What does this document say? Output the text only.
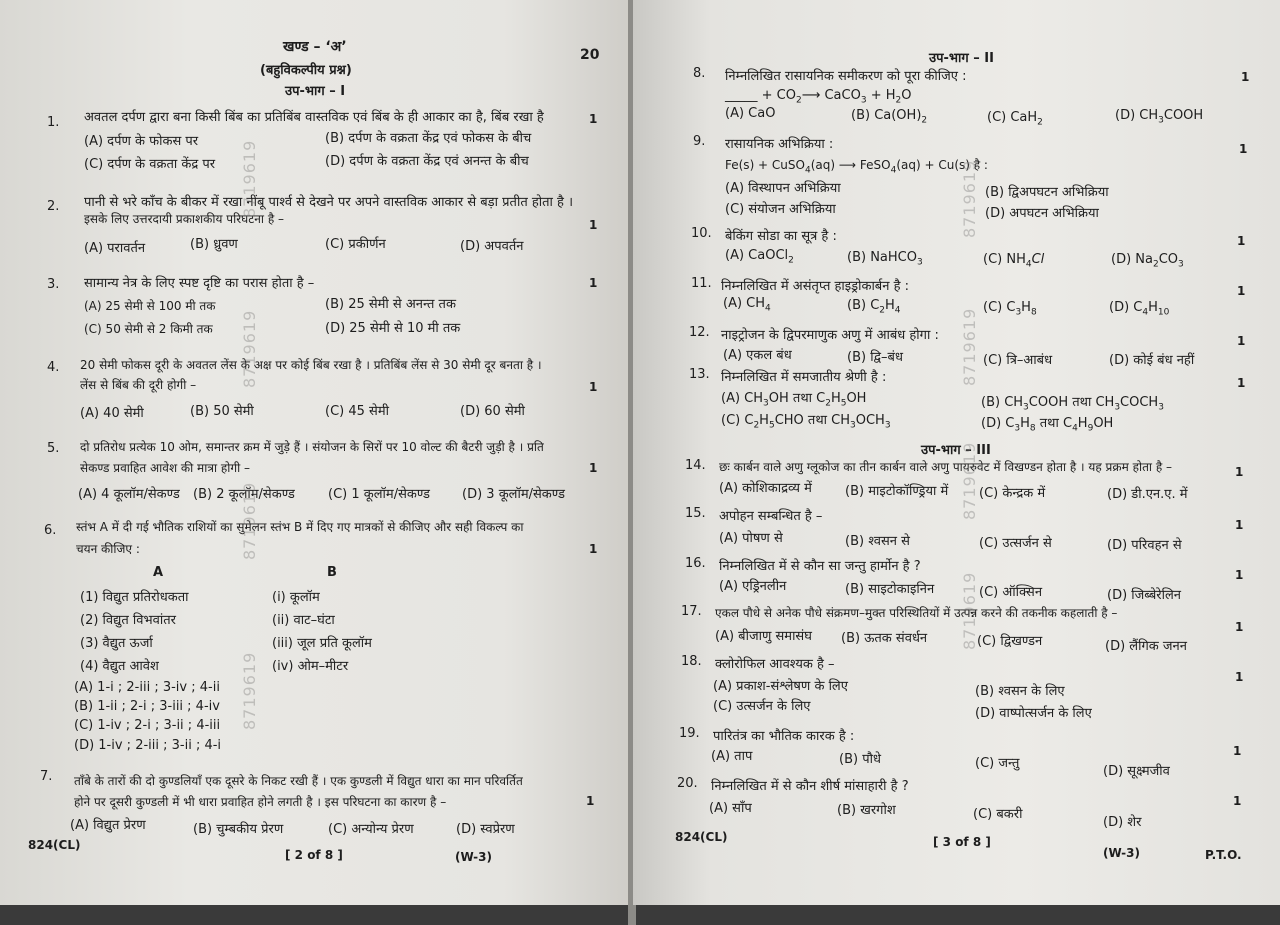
खण्ड – ‘अ’	20
(बहुविकल्पीय प्रश्न)
उप-भाग – I
1. अवतल दर्पण द्वारा बना किसी बिंब का प्रतिबिंब वास्तविक एवं बिंब के ही आकार का है, बिंब रखा है	1
(A) दर्पण के फोकस पर	(B) दर्पण के वक्रता केंद्र एवं फोकस के बीच
(C) दर्पण के वक्रता केंद्र पर	(D) दर्पण के वक्रता केंद्र एवं अनन्त के बीच
2. पानी से भरे काँच के बीकर में रखा नींबू पार्श्व से देखने पर अपने वास्तविक आकार से बड़ा प्रतीत होता है ।
इसके लिए उत्तरदायी प्रकाशकीय परिघटना है –	1
(A) परावर्तन	(B) ध्रुवण	(C) प्रकीर्णन	(D) अपवर्तन
3. सामान्य नेत्र के लिए स्पष्ट दृष्टि का परास होता है –	1
(A) 25 सेमी से 100 मी तक	(B) 25 सेमी से अनन्त तक
(C) 50 सेमी से 2 किमी तक	(D) 25 सेमी से 10 मी तक
4. 20 सेमी फोकस दूरी के अवतल लेंस के अक्ष पर कोई बिंब रखा है । प्रतिबिंब लेंस से 30 सेमी दूर बनता है ।
लेंस से बिंब की दूरी होगी –	1
(A) 40 सेमी	(B) 50 सेमी	(C) 45 सेमी	(D) 60 सेमी
5. दो प्रतिरोध प्रत्येक 10 ओम, समान्तर क्रम में जुड़े हैं । संयोजन के सिरों पर 10 वोल्ट की बैटरी जुड़ी है । प्रति
सेकण्ड प्रवाहित आवेश की मात्रा होगी –	1
(A) 4 कूलॉम/सेकण्ड (B) 2 कूलॉम/सेकण्ड	(C) 1 कूलॉम/सेकण्ड (D) 3 कूलॉम/सेकण्ड
6. स्तंभ A में दी गई भौतिक राशियों का सुमेलन स्तंभ B में दिए गए मात्रकों से कीजिए और सही विकल्प का
चयन कीजिए :	1
A	B
(1) विद्युत प्रतिरोधकता	(i) कूलॉम
(2) विद्युत विभवांतर	(ii) वाट–घंटा
(3) वैद्युत ऊर्जा	(iii) जूल प्रति कूलॉम
(4) वैद्युत आवेश	(iv) ओम–मीटर
(A) 1-i ; 2-iii ; 3-iv ; 4-ii
(B) 1-ii ; 2-i ; 3-iii ; 4-iv
(C) 1-iv ; 2-i ; 3-ii ; 4-iii
(D) 1-iv ; 2-iii ; 3-ii ; 4-i
7. ताँबे के तारों की दो कुण्डलियाँ एक दूसरे के निकट रखी हैं । एक कुण्डली में विद्युत धारा का मान परिवर्तित
होने पर दूसरी कुण्डली में भी धारा प्रवाहित होने लगती है । इस परिघटना का कारण है –	1
(A) विद्युत प्रेरण	(B) चुम्बकीय प्रेरण	(C) अन्योन्य प्रेरण	(D) स्वप्रेरण
824(CL)
[ 2 of 8 ]	(W-3)
8719619
8719619
8719619
8719619
उप-भाग – II
8. निम्नलिखित रासायनिक समीकरण को पूरा कीजिए :	1
_____ + $CO_2⟶$ CaCO$_3$ + $H_2O$
(A) CaO	(B) $Ca(OH)_2$	(C) CaH$_2$	(D) $CH_3COOH$
9. रासायनिक अभिक्रिया :	1
Fe(s) + CuSO$_4$(aq) ⟶ FeSO$_4$(aq) + Cu(s) है :
(A) विस्थापन अभिक्रिया	(B) द्विअपघटन अभिक्रिया
(C) संयोजन अभिक्रिया	(D) अपघटन अभिक्रिया
10. बेकिंग सोडा का सूत्र है :	1
(A) CaOCl$_2$	(B) NaHCO$_3$	(C) $NH_4Cl$	(D) $Na_2CO_3$
11. निम्नलिखित में असंतृप्त हाइड्रोकार्बन है :	1
(A) $CH_4$	(B) $C_2H_4$	(C) $C_3H_8$	(D) $C_4H_{10}$
12. नाइट्रोजन के द्विपरमाणुक अणु में आबंध होगा :	1
(A) एकल बंध	(B) द्वि–बंध	(C) त्रि–आबंध	(D) कोई बंध नहीं
13. निम्नलिखित में समजातीय श्रेणी है :	1
(A) $CH_3OH$ तथा $C_2H_5OH$	(B) $CH_3COOH$ तथा $CH_3COCH_3$
(C) $C_2H_5CHO$ तथा $CH_3OCH_3$	(D) $C_3H_8$ तथा $C_4H_9OH$
उप-भाग – III
14. छः कार्बन वाले अणु ग्लूकोज का तीन कार्बन वाले अणु पायरुवेट में विखण्डन होता है । यह प्रक्रम होता है –	1
(A) कोशिकाद्रव्य में	(B) माइटोकॉण्ड्रिया में (C) केन्द्रक में	(D) डी.एन.ए. में
15. अपोहन सम्बन्धित है –
1
(A) पोषण से	(B) श्वसन से	(C) उत्सर्जन से	(D) परिवहन से
16. निम्नलिखित में से कौन सा जन्तु हार्मोन है ?
1
(A) एड्रिनलीन	(B) साइटोकाइनिन	(C) ऑक्सिन	(D) जिब्बेरेलिन
17. एकल पौधे से अनेक पौधे संक्रमण–मुक्त परिस्थितियों में उत्पन्न करने की तकनीक कहलाती है –
1
(A) बीजाणु समासंघ (B) ऊतक संवर्धन	(C) द्विखण्डन	(D) लैंगिक जनन
18. क्लोरोफिल आवश्यक है –
1
(A) प्रकाश-संश्लेषण के लिए	(B) श्वसन के लिए
(C) उत्सर्जन के लिए	(D) वाष्पोत्सर्जन के लिए
19. पारितंत्र का भौतिक कारक है :
1
(A) ताप	(B) पौधे	(C) जन्तु
(D) सूक्ष्मजीव
20. निम्नलिखित में से कौन शीर्ष मांसाहारी है ?
1
(A) साँप	(B) खरगोश	(C) बकरी
(D) शेर
824(CL)	[ 3 of 8 ]
(W-3)	P.T.O.
8719619
8719619
8719619
8719619
